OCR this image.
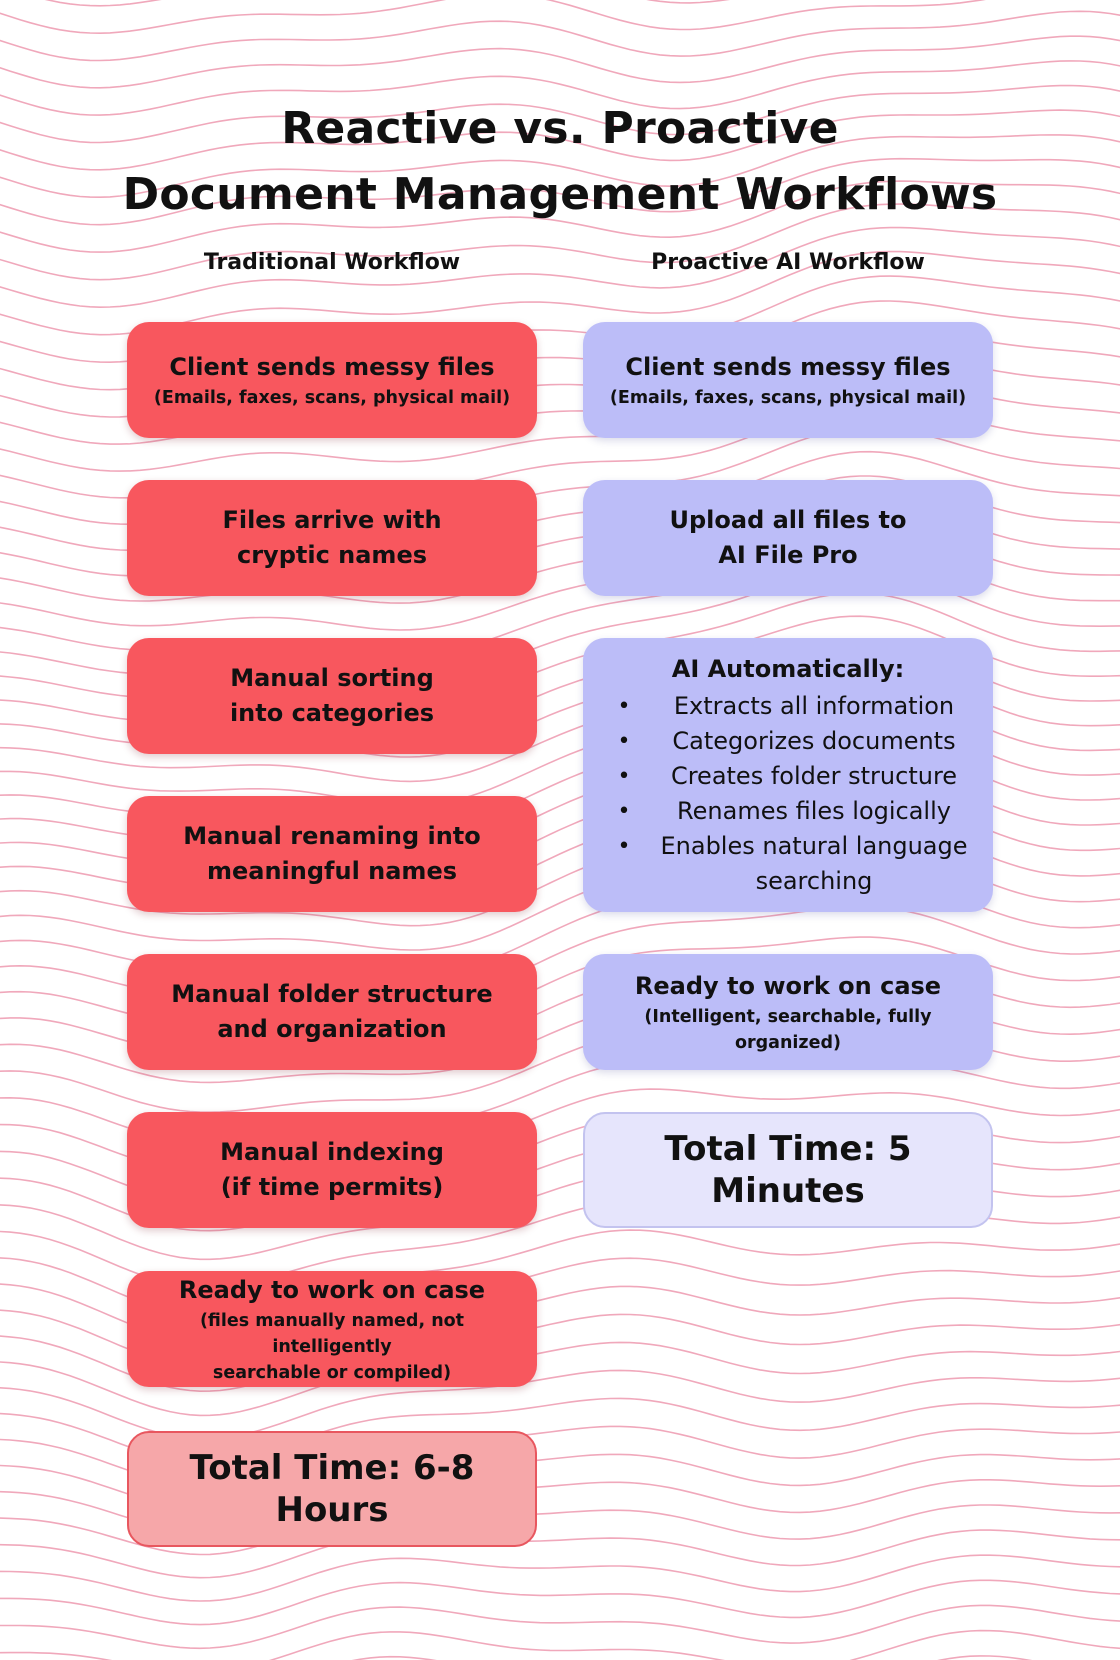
Reactive vs. Proactive
Document Management Workflows
Traditional Workflow	Proactive AI Workflow
Client sends messy files
(Emails, faxes, scans, physical mail)
Files arrive with
cryptic names
Manual sorting
into categories
Manual renaming into
meaningful names
Manual folder structure
and organization
Manual indexing
(if time permits)
Ready to work on case
(files manually named, not intelligently
searchable or compiled)
Total Time: 6-8 Hours
Client sends messy files
(Emails, faxes, scans, physical mail)
Upload all files to
AI File Pro
AI Automatically:
•	Extracts all information
•	Categorizes documents
•	Creates folder structure
•	Renames files logically
•	Enables natural language searching
Ready to work on case
(Intelligent, searchable, fully
organized)
Total Time: 5 Minutes
